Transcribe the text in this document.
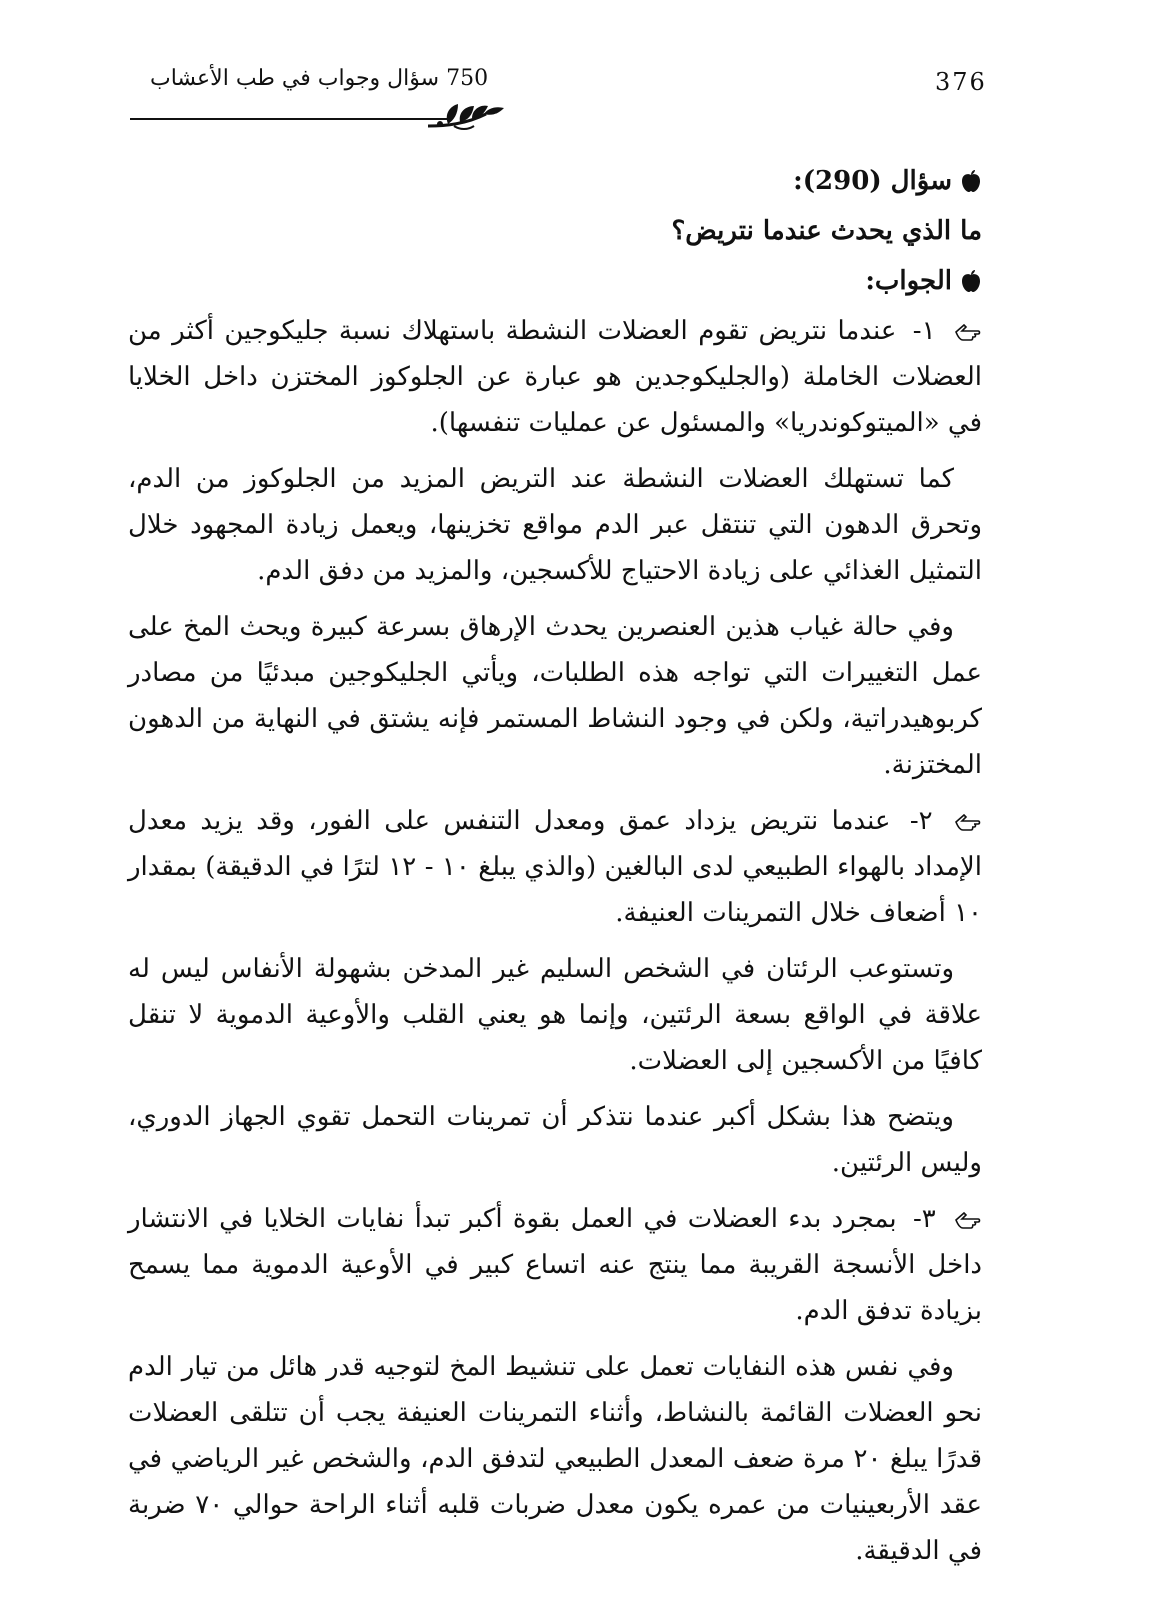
376
750 سؤال وجواب في طب الأعشاب
سؤال (290):
ما الذي يحدث عندما نتريض؟
الجواب:

١- عندما نتريض تقوم العضلات النشطة باستهلاك نسبة جليكوجين أكثر من العضلات الخاملة (والجليكوجدين هو عبارة عن الجلوكوز المختزن داخل الخلايا في «الميتوكوندريا» والمسئول عن عمليات تنفسها).

كما تستهلك العضلات النشطة عند التريض المزيد من الجلوكوز من الدم، وتحرق الدهون التي تنتقل عبر الدم مواقع تخزينها، ويعمل زيادة المجهود خلال التمثيل الغذائي على زيادة الاحتياج للأكسجين، والمزيد من دفق الدم.

وفي حالة غياب هذين العنصرين يحدث الإرهاق بسرعة كبيرة ويحث المخ على عمل التغييرات التي تواجه هذه الطلبات، ويأتي الجليكوجين مبدئيًا من مصادر كربوهيدراتية، ولكن في وجود النشاط المستمر فإنه يشتق في النهاية من الدهون المختزنة.

٢- عندما نتريض يزداد عمق ومعدل التنفس على الفور، وقد يزيد معدل الإمداد بالهواء الطبيعي لدى البالغين (والذي يبلغ ١٠ - ١٢ لترًا في الدقيقة) بمقدار ١٠ أضعاف خلال التمرينات العنيفة.

وتستوعب الرئتان في الشخص السليم غير المدخن بشهولة الأنفاس ليس له علاقة في الواقع بسعة الرئتين، وإنما هو يعني القلب والأوعية الدموية لا تنقل كافيًا من الأكسجين إلى العضلات.

ويتضح هذا بشكل أكبر عندما نتذكر أن تمرينات التحمل تقوي الجهاز الدوري، وليس الرئتين.

٣- بمجرد بدء العضلات في العمل بقوة أكبر تبدأ نفايات الخلايا في الانتشار داخل الأنسجة القريبة مما ينتج عنه اتساع كبير في الأوعية الدموية مما يسمح بزيادة تدفق الدم.

وفي نفس هذه النفايات تعمل على تنشيط المخ لتوجيه قدر هائل من تيار الدم نحو العضلات القائمة بالنشاط، وأثناء التمرينات العنيفة يجب أن تتلقى العضلات قدرًا يبلغ ٢٠ مرة ضعف المعدل الطبيعي لتدفق الدم، والشخص غير الرياضي في عقد الأربعينيات من عمره يكون معدل ضربات قلبه أثناء الراحة حوالي ٧٠ ضربة في الدقيقة.
